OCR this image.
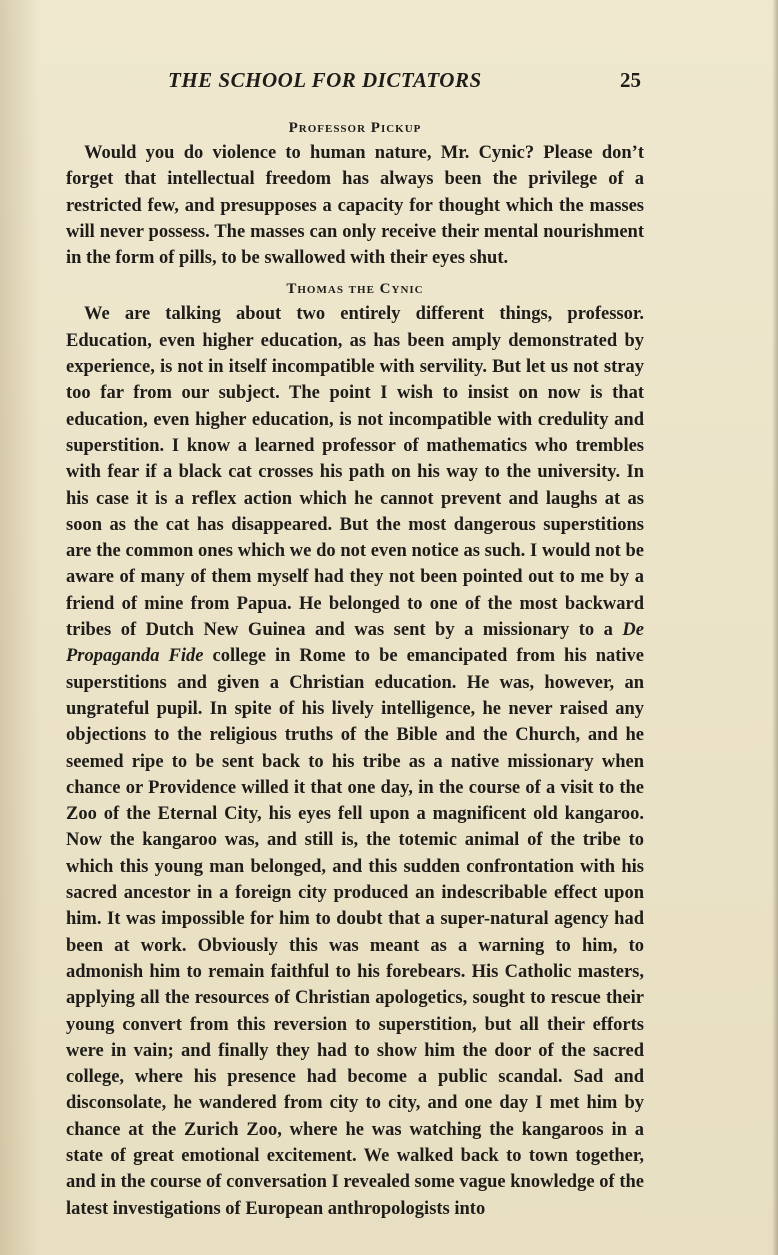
THE SCHOOL FOR DICTATORS	25

Professor Pickup

Would you do violence to human nature, Mr. Cynic? Please don’t forget that intellectual freedom has always been the privilege of a restricted few, and presupposes a capacity for thought which the masses will never possess. The masses can only receive their mental nourishment in the form of pills, to be swallowed with their eyes shut.

Thomas the Cynic

We are talking about two entirely different things, professor. Education, even higher education, as has been amply demonstrated by experience, is not in itself incompatible with servility. But let us not stray too far from our subject. The point I wish to insist on now is that education, even higher education, is not incompatible with credulity and superstition. I know a learned professor of mathematics who trembles with fear if a black cat crosses his path on his way to the university. In his case it is a reflex action which he cannot prevent and laughs at as soon as the cat has disappeared. But the most dangerous superstitions are the common ones which we do not even notice as such. I would not be aware of many of them myself had they not been pointed out to me by a friend of mine from Papua. He belonged to one of the most backward tribes of Dutch New Guinea and was sent by a missionary to a De Propaganda Fide college in Rome to be emancipated from his native superstitions and given a Christian education. He was, however, an ungrateful pupil. In spite of his lively intelligence, he never raised any objections to the religious truths of the Bible and the Church, and he seemed ripe to be sent back to his tribe as a native missionary when chance or Providence willed it that one day, in the course of a visit to the Zoo of the Eternal City, his eyes fell upon a magnificent old kangaroo. Now the kangaroo was, and still is, the totemic animal of the tribe to which this young man belonged, and this sudden confrontation with his sacred ancestor in a foreign city produced an indescribable effect upon him. It was impossible for him to doubt that a super-natural agency had been at work. Obviously this was meant as a warning to him, to admonish him to remain faithful to his forebears. His Catholic masters, applying all the resources of Christian apologetics, sought to rescue their young convert from this reversion to superstition, but all their efforts were in vain; and finally they had to show him the door of the sacred college, where his presence had become a public scandal. Sad and disconsolate, he wandered from city to city, and one day I met him by chance at the Zurich Zoo, where he was watching the kangaroos in a state of great emotional excitement. We walked back to town together, and in the course of conversation I revealed some vague knowledge of the latest investigations of European anthropologists into
